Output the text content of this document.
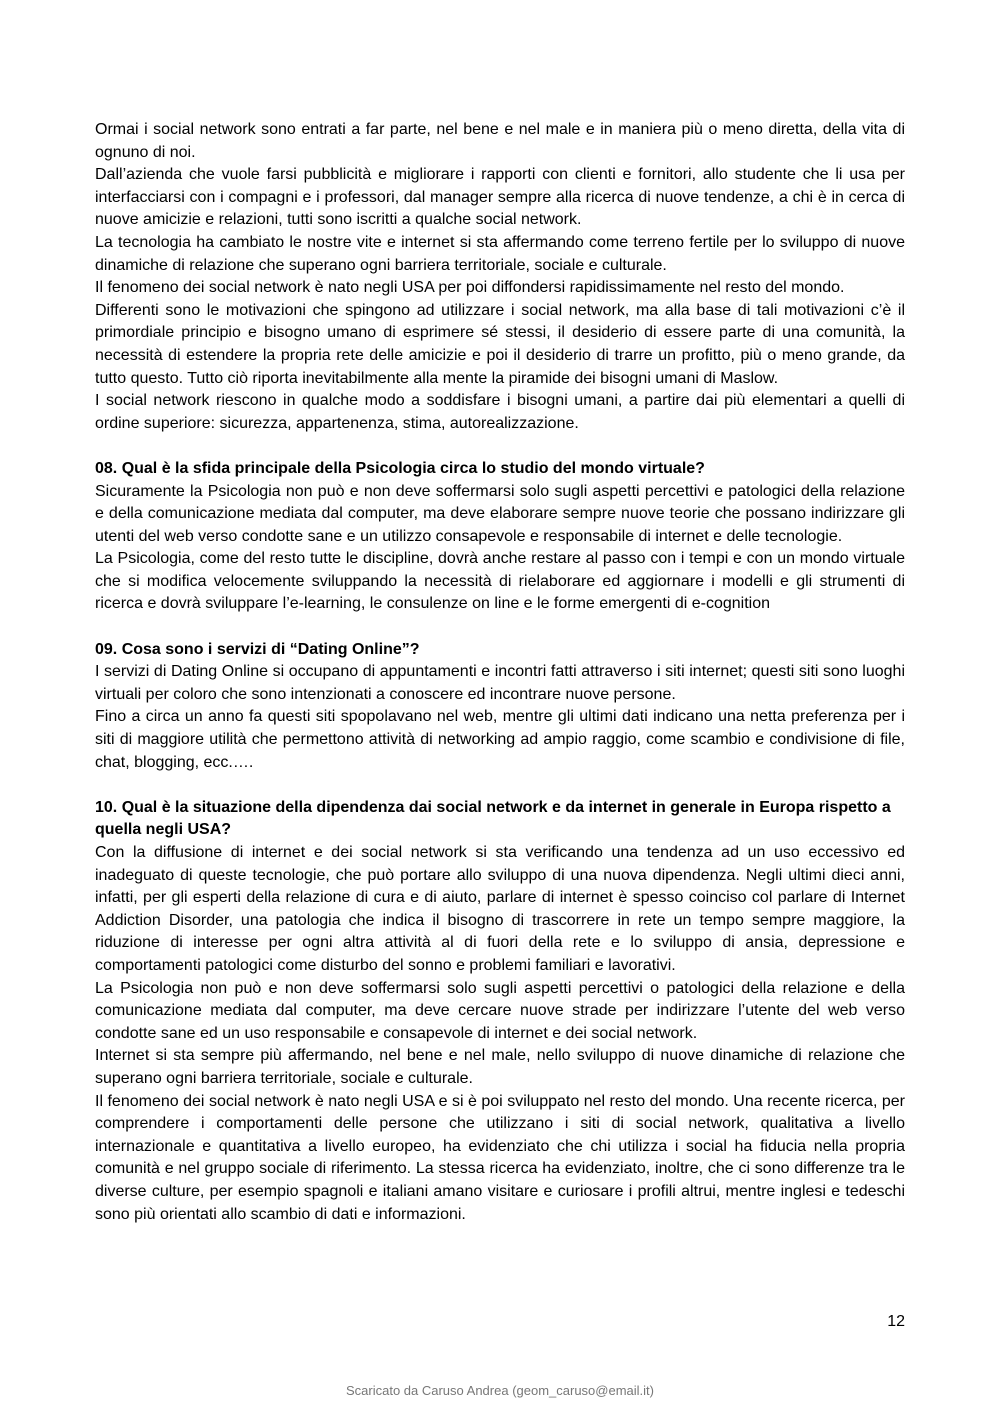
Ormai i social network sono entrati a far parte, nel bene e nel male e in maniera più o meno diretta, della vita di ognuno di noi.

Dall’azienda che vuole farsi pubblicità e migliorare i rapporti con clienti e fornitori, allo studente che li usa per interfacciarsi con i compagni e i professori, dal manager sempre alla ricerca di nuove tendenze, a chi è in cerca di nuove amicizie e relazioni, tutti sono iscritti a qualche social network.

La tecnologia ha cambiato le nostre vite e internet si sta affermando come terreno fertile per lo sviluppo di nuove dinamiche di relazione che superano ogni barriera territoriale, sociale e culturale.

Il fenomeno dei social network è nato negli USA per poi diffondersi rapidissimamente nel resto del mondo.

Differenti sono le motivazioni che spingono ad utilizzare i social network, ma alla base di tali motivazioni c’è il primordiale principio e bisogno umano di esprimere sé stessi, il desiderio di essere parte di una comunità, la necessità di estendere la propria rete delle amicizie e poi il desiderio di trarre un profitto, più o meno grande, da tutto questo. Tutto ciò riporta inevitabilmente alla mente la piramide dei bisogni umani di Maslow.

I social network riescono in qualche modo a soddisfare i bisogni umani, a partire dai più elementari a quelli di ordine superiore: sicurezza, appartenenza, stima, autorealizzazione.

08. Qual è la sfida principale della Psicologia circa lo studio del mondo virtuale?

Sicuramente la Psicologia non può e non deve soffermarsi solo sugli aspetti percettivi e patologici della relazione e della comunicazione mediata dal computer, ma deve elaborare sempre nuove teorie che possano indirizzare gli utenti del web verso condotte sane e un utilizzo consapevole e responsabile di internet e delle tecnologie.

La Psicologia, come del resto tutte le discipline, dovrà anche restare al passo con i tempi e con un mondo virtuale che si modifica velocemente sviluppando la necessità di rielaborare ed aggiornare i modelli e gli strumenti di ricerca e dovrà sviluppare l’e-learning, le consulenze on line e le forme emergenti di e-cognition

09. Cosa sono i servizi di “Dating Online”?

I servizi di Dating Online si occupano di appuntamenti e incontri fatti attraverso i siti internet; questi siti sono luoghi virtuali per coloro che sono intenzionati a conoscere ed incontrare nuove persone.

Fino a circa un anno fa questi siti spopolavano nel web, mentre gli ultimi dati indicano una netta preferenza per i siti di maggiore utilità che permettono attività di networking ad ampio raggio, come scambio e condivisione di file, chat, blogging, ecc.….

10. Qual è la situazione della dipendenza dai social network e da internet in generale in Europa rispetto a quella negli USA?

Con la diffusione di internet e dei social network si sta verificando una tendenza ad un uso eccessivo ed inadeguato di queste tecnologie, che può portare allo sviluppo di una nuova dipendenza. Negli ultimi dieci anni, infatti, per gli esperti della relazione di cura e di aiuto, parlare di internet è spesso coinciso col parlare di Internet Addiction Disorder, una patologia che indica il bisogno di trascorrere in rete un tempo sempre maggiore, la riduzione di interesse per ogni altra attività al di fuori della rete e lo sviluppo di ansia, depressione e comportamenti patologici come disturbo del sonno e problemi familiari e lavorativi.

La Psicologia non può e non deve soffermarsi solo sugli aspetti percettivi o patologici della relazione e della comunicazione mediata dal computer, ma deve cercare nuove strade per indirizzare l’utente del web verso condotte sane ed un uso responsabile e consapevole di internet e dei social network.

Internet si sta sempre più affermando, nel bene e nel male, nello sviluppo di nuove dinamiche di relazione che superano ogni barriera territoriale, sociale e culturale.

Il fenomeno dei social network è nato negli USA e si è poi sviluppato nel resto del mondo. Una recente ricerca, per comprendere i comportamenti delle persone che utilizzano i siti di social network, qualitativa a livello internazionale e quantitativa a livello europeo, ha evidenziato che chi utilizza i social ha fiducia nella propria comunità e nel gruppo sociale di riferimento. La stessa ricerca ha evidenziato, inoltre, che ci sono differenze tra le diverse culture, per esempio spagnoli e italiani amano visitare e curiosare i profili altrui, mentre inglesi e tedeschi sono più orientati allo scambio di dati e informazioni.

12
Scaricato da Caruso Andrea (geom_caruso@email.it)
